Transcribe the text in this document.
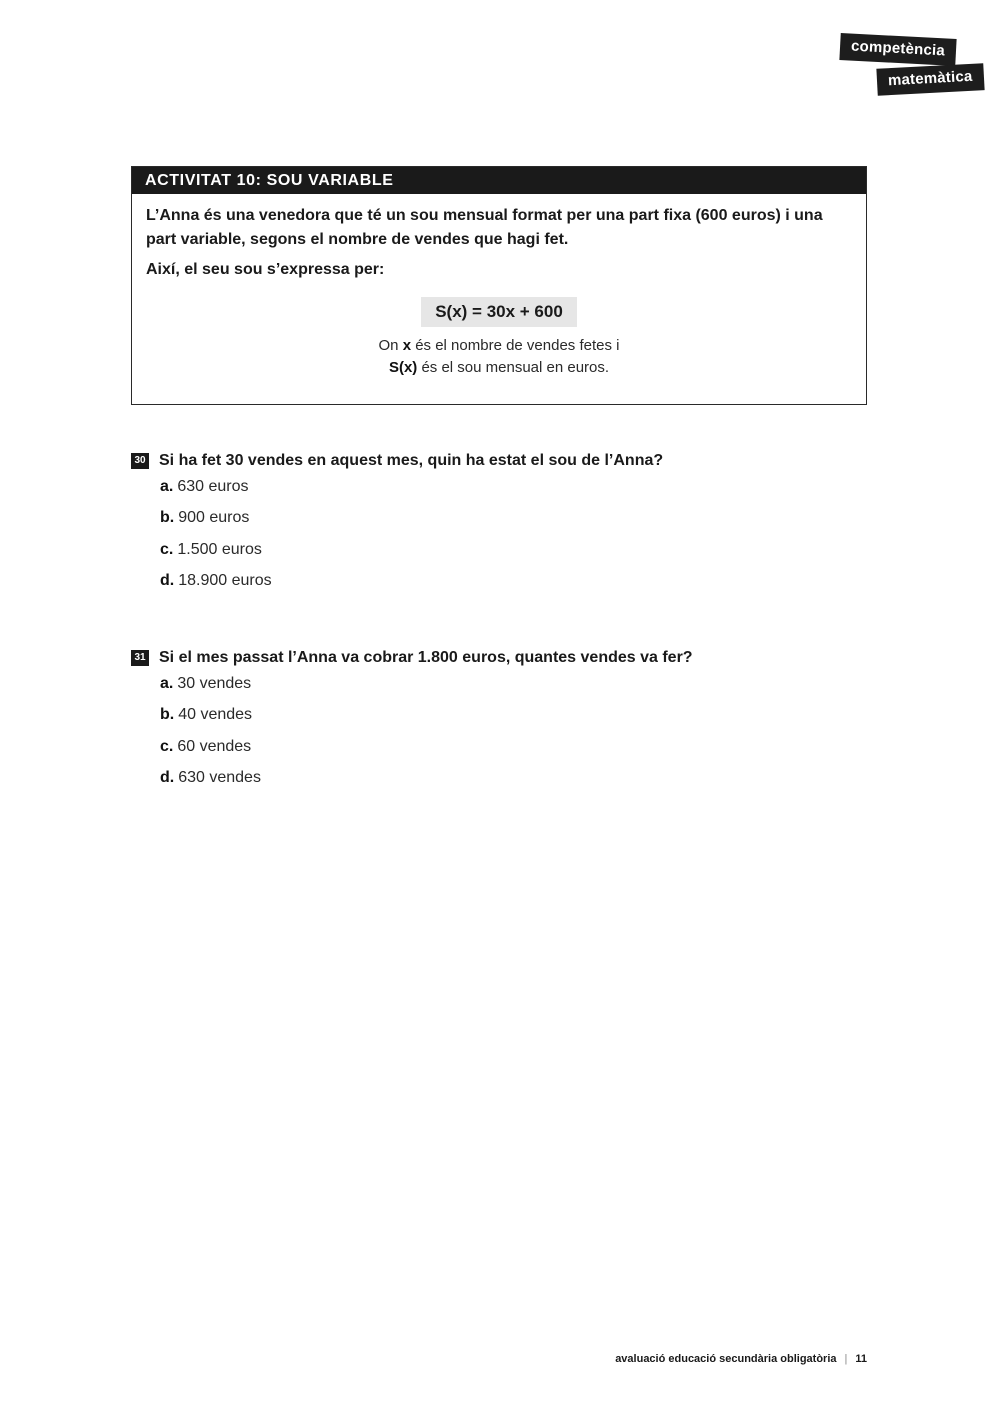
competència
matemàtica
ACTIVITAT 10: SOU VARIABLE

L’Anna és una venedora que té un sou mensual format per una part fixa (600 euros) i una part variable, segons el nombre de vendes que hagi fet.

Així, el seu sou s’expressa per:

S(x) = 30x + 600
On x és el nombre de vendes fetes i
S(x) és el sou mensual en euros.
30 Si ha fet 30 vendes en aquest mes, quin ha estat el sou de l’Anna?
a. 630 euros
b. 900 euros
c. 1.500 euros
d. 18.900 euros
31 Si el mes passat l’Anna va cobrar 1.800 euros, quantes vendes va fer?
a. 30 vendes
b. 40 vendes
c. 60 vendes
d. 630 vendes
avaluació educació secundària obligatòria | 11
